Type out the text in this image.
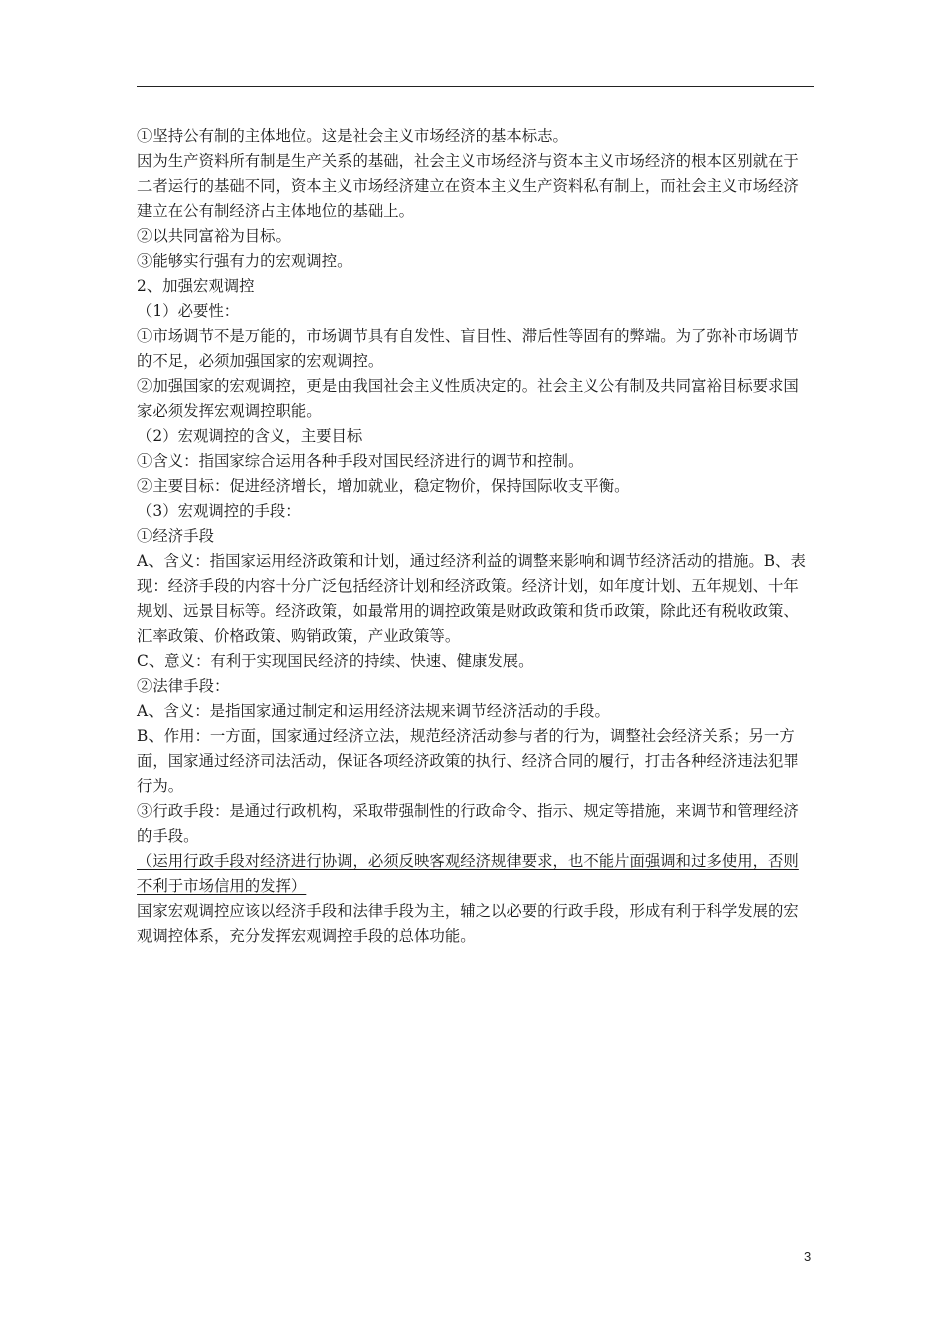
①坚持公有制的主体地位。这是社会主义市场经济的基本标志。

因为生产资料所有制是生产关系的基础，社会主义市场经济与资本主义市场经济的根本区别就在于二者运行的基础不同，资本主义市场经济建立在资本主义生产资料私有制上，而社会主义市场经济建立在公有制经济占主体地位的基础上。

②以共同富裕为目标。

③能够实行强有力的宏观调控。

2、加强宏观调控

（1）必要性：

①市场调节不是万能的，市场调节具有自发性、盲目性、滞后性等固有的弊端。为了弥补市场调节的不足，必须加强国家的宏观调控。

②加强国家的宏观调控，更是由我国社会主义性质决定的。社会主义公有制及共同富裕目标要求国家必须发挥宏观调控职能。

（2）宏观调控的含义，主要目标

①含义：指国家综合运用各种手段对国民经济进行的调节和控制。

②主要目标：促进经济增长，增加就业，稳定物价，保持国际收支平衡。

（3）宏观调控的手段：

①经济手段

A、含义：指国家运用经济政策和计划，通过经济利益的调整来影响和调节经济活动的措施。B、表现：经济手段的内容十分广泛包括经济计划和经济政策。经济计划，如年度计划、五年规划、十年规划、远景目标等。经济政策，如最常用的调控政策是财政政策和货币政策，除此还有税收政策、汇率政策、价格政策、购销政策，产业政策等。

C、意义：有利于实现国民经济的持续、快速、健康发展。

②法律手段：

A、含义：是指国家通过制定和运用经济法规来调节经济活动的手段。

B、作用：一方面，国家通过经济立法，规范经济活动参与者的行为，调整社会经济关系；另一方面，国家通过经济司法活动，保证各项经济政策的执行、经济合同的履行，打击各种经济违法犯罪行为。

③行政手段：是通过行政机构，采取带强制性的行政命令、指示、规定等措施，来调节和管理经济的手段。

（运用行政手段对经济进行协调，必须反映客观经济规律要求，也不能片面强调和过多使用，否则不利于市场信用的发挥）

国家宏观调控应该以经济手段和法律手段为主，辅之以必要的行政手段，形成有利于科学发展的宏观调控体系，充分发挥宏观调控手段的总体功能。

3
